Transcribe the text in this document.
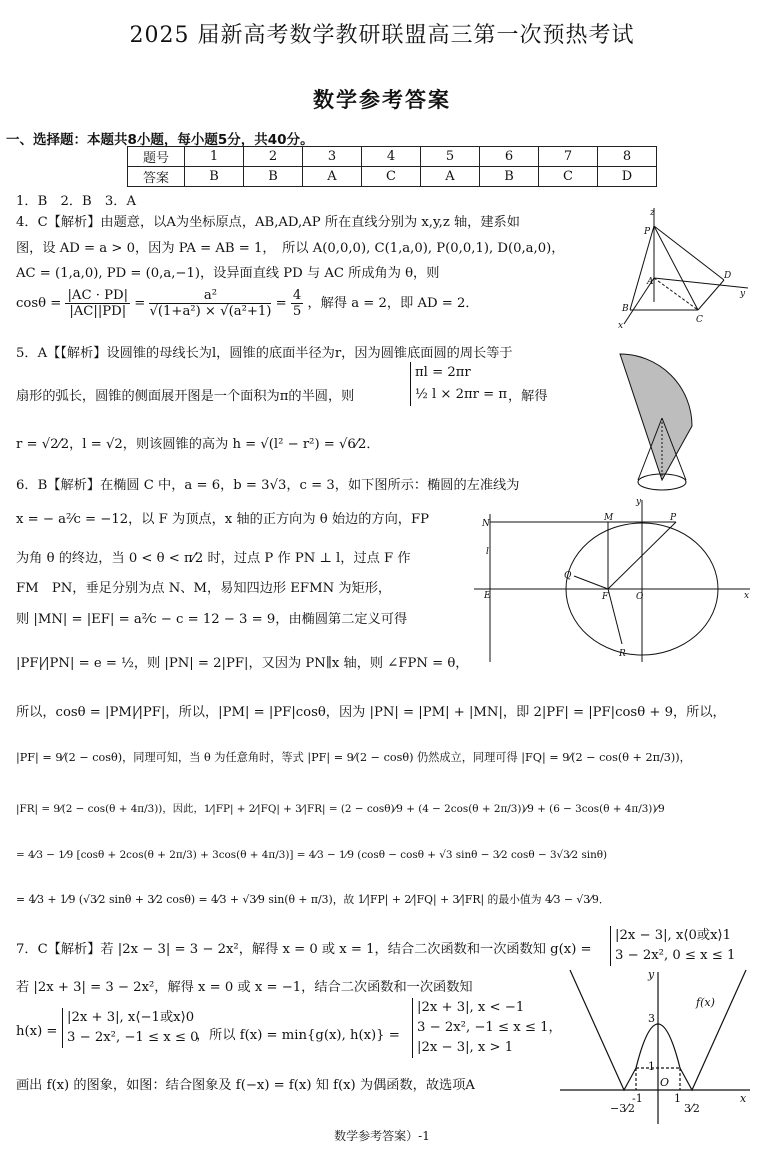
2025 届新高考数学教研联盟高三第一次预热考试
数学参考答案
一、选择题：本题共8小题，每小题5分，共40分。
题号	1	2	3	4	5	6	7	8
答案	B	B	A	C	A	B	C	D
1．B　2．B　3．A
4．C【解析】由题意，以A为坐标原点，AB,AD,AP 所在直线分别为 x,y,z 轴，建系如
图，设 AD = a > 0，因为 PA = AB = 1，　所以 A(0,0,0), C(1,a,0), P(0,0,1), D(0,a,0)，
AC = (1,a,0), PD = (0,a,−1)，设异面直线 PD 与 AC 所成角为 θ，则
$\cos\theta = \frac{|AC \cdot PD|}{|AC||PD|} = \frac{\text{a²}}{\text{√(1+a²) × √(a²+1)}} = \frac{4}{5}$ ，解得 a = 2，即 AD = 2．
P
A
B
C
D
x
y
z
5．A【【解析】设圆锥的母线长为l，圆锥的底面半径为r，因为圆锥底面圆的周长等于
扇形的弧长，圆锥的侧面展开图是一个面积为π的半圆，则
πl = 2πr
½ l × 2πr = π ，解得
r = √2⁄2，l = √2，则该圆锥的高为 h = √(l² − r²) = √6⁄2．
6．B【解析】在椭圆 C 中，a = 6，b = 3√3，c = 3，如下图所示：椭圆的左准线为
x = − a²⁄c = −12，以 F 为顶点，x 轴的正方向为 θ 始边的方向，FP
为角 θ 的终边，当 0 < θ < π⁄2 时，过点 P 作 PN ⊥ l，过点 F 作
FM　PN，垂足分别为点 N、M，易知四边形 EFMN 为矩形，
则 |MN| = |EF| = a²⁄c − c = 12 − 3 = 9，由椭圆第二定义可得
|PF|⁄|PN| = e = ½，则 |PN| = 2|PF|，又因为 PN∥x 轴，则 ∠FPN = θ，
所以，cosθ = |PM|⁄|PF|，所以，|PM| = |PF|cosθ，因为 |PN| = |PM| + |MN|，即 2|PF| = |PF|cosθ + 9，所以，
|PF| = 9⁄(2 − cosθ)，同理可知，当 θ 为任意角时，等式 |PF| = 9⁄(2 − cosθ) 仍然成立，同理可得 |FQ| = 9⁄(2 − cos(θ + 2π/3))，
|FR| = 9⁄(2 − cos(θ + 4π/3))，因此，1⁄|FP| + 2⁄|FQ| + 3⁄|FR| = (2 − cosθ)⁄9 + (4 − 2cos(θ + 2π/3))⁄9 + (6 − 3cos(θ + 4π/3))⁄9
= 4⁄3 − 1⁄9 [cosθ + 2cos(θ + 2π/3) + 3cos(θ + 4π/3)] = 4⁄3 − 1⁄9 (cosθ − cosθ + √3 sinθ − 3⁄2 cosθ − 3√3⁄2 sinθ)
= 4⁄3 + 1⁄9 (√3⁄2 sinθ + 3⁄2 cosθ) = 4⁄3 + √3⁄9 sin(θ + π/3)，故 1⁄|FP| + 2⁄|FQ| + 3⁄|FR| 的最小值为 4⁄3 − √3⁄9．
N
M	P
l
Q
E	F	O
R
x
y
7．C【解析】若 |2x − 3| = 3 − 2x²，解得 x = 0 或 x = 1，结合二次函数和一次函数知 g(x) =
|2x − 3|, x⟨0或x⟩1
3 − 2x², 0 ≤ x ≤ 1
若 |2x + 3| = 3 − 2x²，解得 x = 0 或 x = −1，结合二次函数和一次函数知
h(x) =
|2x + 3|, x⟨−1或x⟩0
3 − 2x², −1 ≤ x ≤ 0
，所以 f(x) = min{g(x), h(x)} =
|2x + 3|, x < −1
3 − 2x², −1 ≤ x ≤ 1，
|2x − 3|, x > 1
画出 f(x) 的图象，如图：结合图象及 f(−x) = f(x) 知 f(x) 为偶函数，故选项A
y
f(x)
3
1
O
x
−3⁄2
-1	1
3⁄2
数学参考答案）-1
